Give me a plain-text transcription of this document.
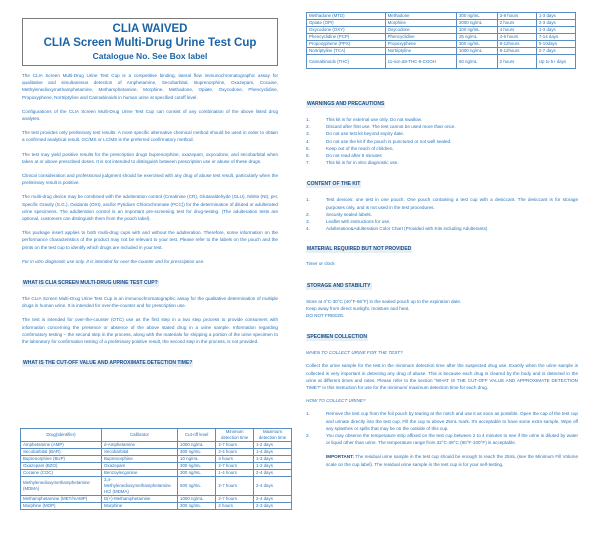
CLIA WAIVED
CLIA Screen Multi-Drug Urine Test Cup
Catalogue No. See Box label

The CLIA Screen Multi-Drug Urine Test Cup is a competitive binding, lateral flow immunochromatographic assay for qualitative and simultaneous detection of Amphetamine, Secobarbital, Buprenorphine, Oxazepam, Cocaine, Methylenedioxymethamphetamine, Methamphetamine, Morphine, Methadone, Opiate, Oxycodone, Phencyclidine, Propoxyphene, Nortriptyline and Cannabinoids in human urine at specified cutoff level.

Configurations of the CLIA Screen Multi-Drug Urine Test Cup can consist of any combination of the above listed drug analytes.

The test provides only preliminary test results. A more specific alternative chemical method should be used in order to obtain a confirmed analytical result. GC/MS or LC/MS is the preferred confirmatory method.

The test may yield positive results for the prescription drugs buprenorphine, oxazepam, oxycodone, and secobarbital when taken at or above prescribed doses. It is not intended to distinguish between prescription use or abuse of these drugs.

Clinical consideration and professional judgment should be exercised with any drug of abuse test result, particularly when the preliminary result is positive.

The multi-drug device may be combined with the adulteration control (Creatinine (CR), Glutaraldehyde (GLU), Nitrite (NI), pH, Specific Gravity (S.G.), Oxidants (OXI), and/or Pyridium Chlorochromate (PCC)) for the determination of diluted or adulterated urine specimens. The adulteration control is an important pre-screening test for drug-testing. (The adulteration tests are optional, customers can distinguish them from the pouch label).

This package insert applies to both multi-drug cups with and without the adulteration. Therefore, some information on the performance characteristics of the product may not be relevant to your test. Please refer to the labels on the pouch and the prints on the test cup to identify which drugs are included in your test.

For in vitro diagnostic use only. It is intended for over-the-counter and for prescription use.

WHAT IS CLIA SCREEN MULTI-DRUG URINE TEST CUP?

The CLIA Screen Multi-Drug Urine Test Cup is an immunochromatographic assay for the qualitative determination of multiple drugs in human urine. It is intended for over-the-counter and for prescription use.

The test is intended for over-the-counter (OTC) use as the first step in a two step process to provide consumers with information concerning the presence or absence of the above stated drug in a urine sample. Information regarding confirmatory testing – the second step in the process, along with the materials for shipping a portion of the urine specimen to the laboratory for confirmation testing of a preliminary positive result, the second step in the process, is not provided.

WHAT IS THE CUT-OFF VALUE AND APPROXIMATE DETECTION TIME?
Drug(Identifier)	Calibrator	Cut-off level	Minimum detection time	Maximum detection time
Amphetamine (AMP)	d-Amphetamine	1000 ng/mL	2-7 hours	1-2 days
Secobarbital (BAR)	Secobarbital	300 ng/mL	2-4 hours	1-4 days
Buprenorphine (BUP)	Buprenorphine	10 ng/mL	4 hours	1-3 days
Oxazepam (BZO)	Oxazepam	300 ng/mL	2-7 hours	1-2 days
Cocaine (COC)	Benzoylecgonine	300 ng/mL	1-4 hours	2-4 days
Methylenedioxymethamphetamine (MDMA)	3,4-Methylenedioxymethamphetamine HCl (MDMA)	500 ng/mL	2-7 hours	2-4 days
Methamphetamine (MET/mAMP)	D(+)-Methamphetamine	1000 ng/mL	2-7 hours	2-4 days
Morphine (MOP)	Morphine	300 ng/mL	2 hours	2-3 days
Methadone (MTD)	Methadone	300 ng/mL	3-8 hours	1-3 days
Opiate (OPI)	Morphine	2000 ng/mL	2 hours	2-3 days
Oxycodone (OXY)	Oxycodone	100 ng/mL	4 hours	1-3 days
Phencyclidine (PCP)	Phencyclidine	25 ng/mL	4-6 hours	7-14 days
Propoxyphene (PPX)	Propoxyphene	300 ng/mL	8-12hours	5-10days
Nortriptyline (TCA)	Nortriptyline	1000 ng/mL	8-12hours	2-7 days
Cannabinoids (THC)	11-nor-Δ9-THC-9-COOH	50 ng/mL	2 hours	Up to 5+ days
WARNINGS AND PRECAUTIONS
1.	This kit is for external use only. Do not swallow.
2.	Discard after first use. The test cannot be used more than once.
3.	Do not use test kit beyond expiry date.
4.	Do not use the kit if the pouch is punctured or not well sealed.
5.	Keep out of the reach of children.
6.	Do not read after 5 minutes
7.	This kit is for in vitro diagnostic use.
CONTENT OF THE KIT
1.	Test devices: one test in one pouch. One pouch containing a test cup with a desiccant. The desiccant is for storage purposes only, and is not used in the test procedures.
2.	Security sealed labels.
3.	Leaflet with instructions for use.
4.	Adulteration&Adulteration Color Chart (Provided with Kits including Adulterants)
MATERIAL REQUIRED BUT NOT PROVIDED

Timer or clock

STORAGE AND STABILITY

Store at 4°C-30°C (40°F-86°F) in the sealed pouch up to the expiration date.

Keep away from direct sunlight, moisture and heat.

DO NOT FREEZE.

SPECIMEN COLLECTION

WHEN TO COLLECT URINE FOR THE TEST?

Collect the urine sample for the test in the minimum detection time after the suspected drug use. Exactly when the urine sample is collected is very important in detecting any drug of abuse. This is because each drug is cleared by the body and is detected in the urine at different times and rates. Please refer to the section "WHAT IS THE CUT-OFF VALUE AND APPROXIMATE DETECTION TIME?" in this instruction for use for the minimum/ maximum detection time for each drug.

HOW TO COLLECT URINE?

1.	Remove the test cup from the foil pouch by tearing at the notch and use it as soon as possible. Open the cap of the test cup and urinate directly into the test cup. Fill the cup to above 25mL mark. It's acceptable to have some extra sample. Wipe off any splashes or spills that may be on the outside of this cup.
2.	You may observe the temperature strip affixed on the test cup between 2 to 4 minutes to see if the urine is diluted by water or liquid other than urine. The temperature range from 32°C-38°C (90°F-100°F) is acceptable.

IMPORTANT: The residual urine sample in the test cup should be enough to reach the 25mL (see the Minimum Fill Volume scale on the cup label). The residual urine sample in the test cup is for your self-testing.
